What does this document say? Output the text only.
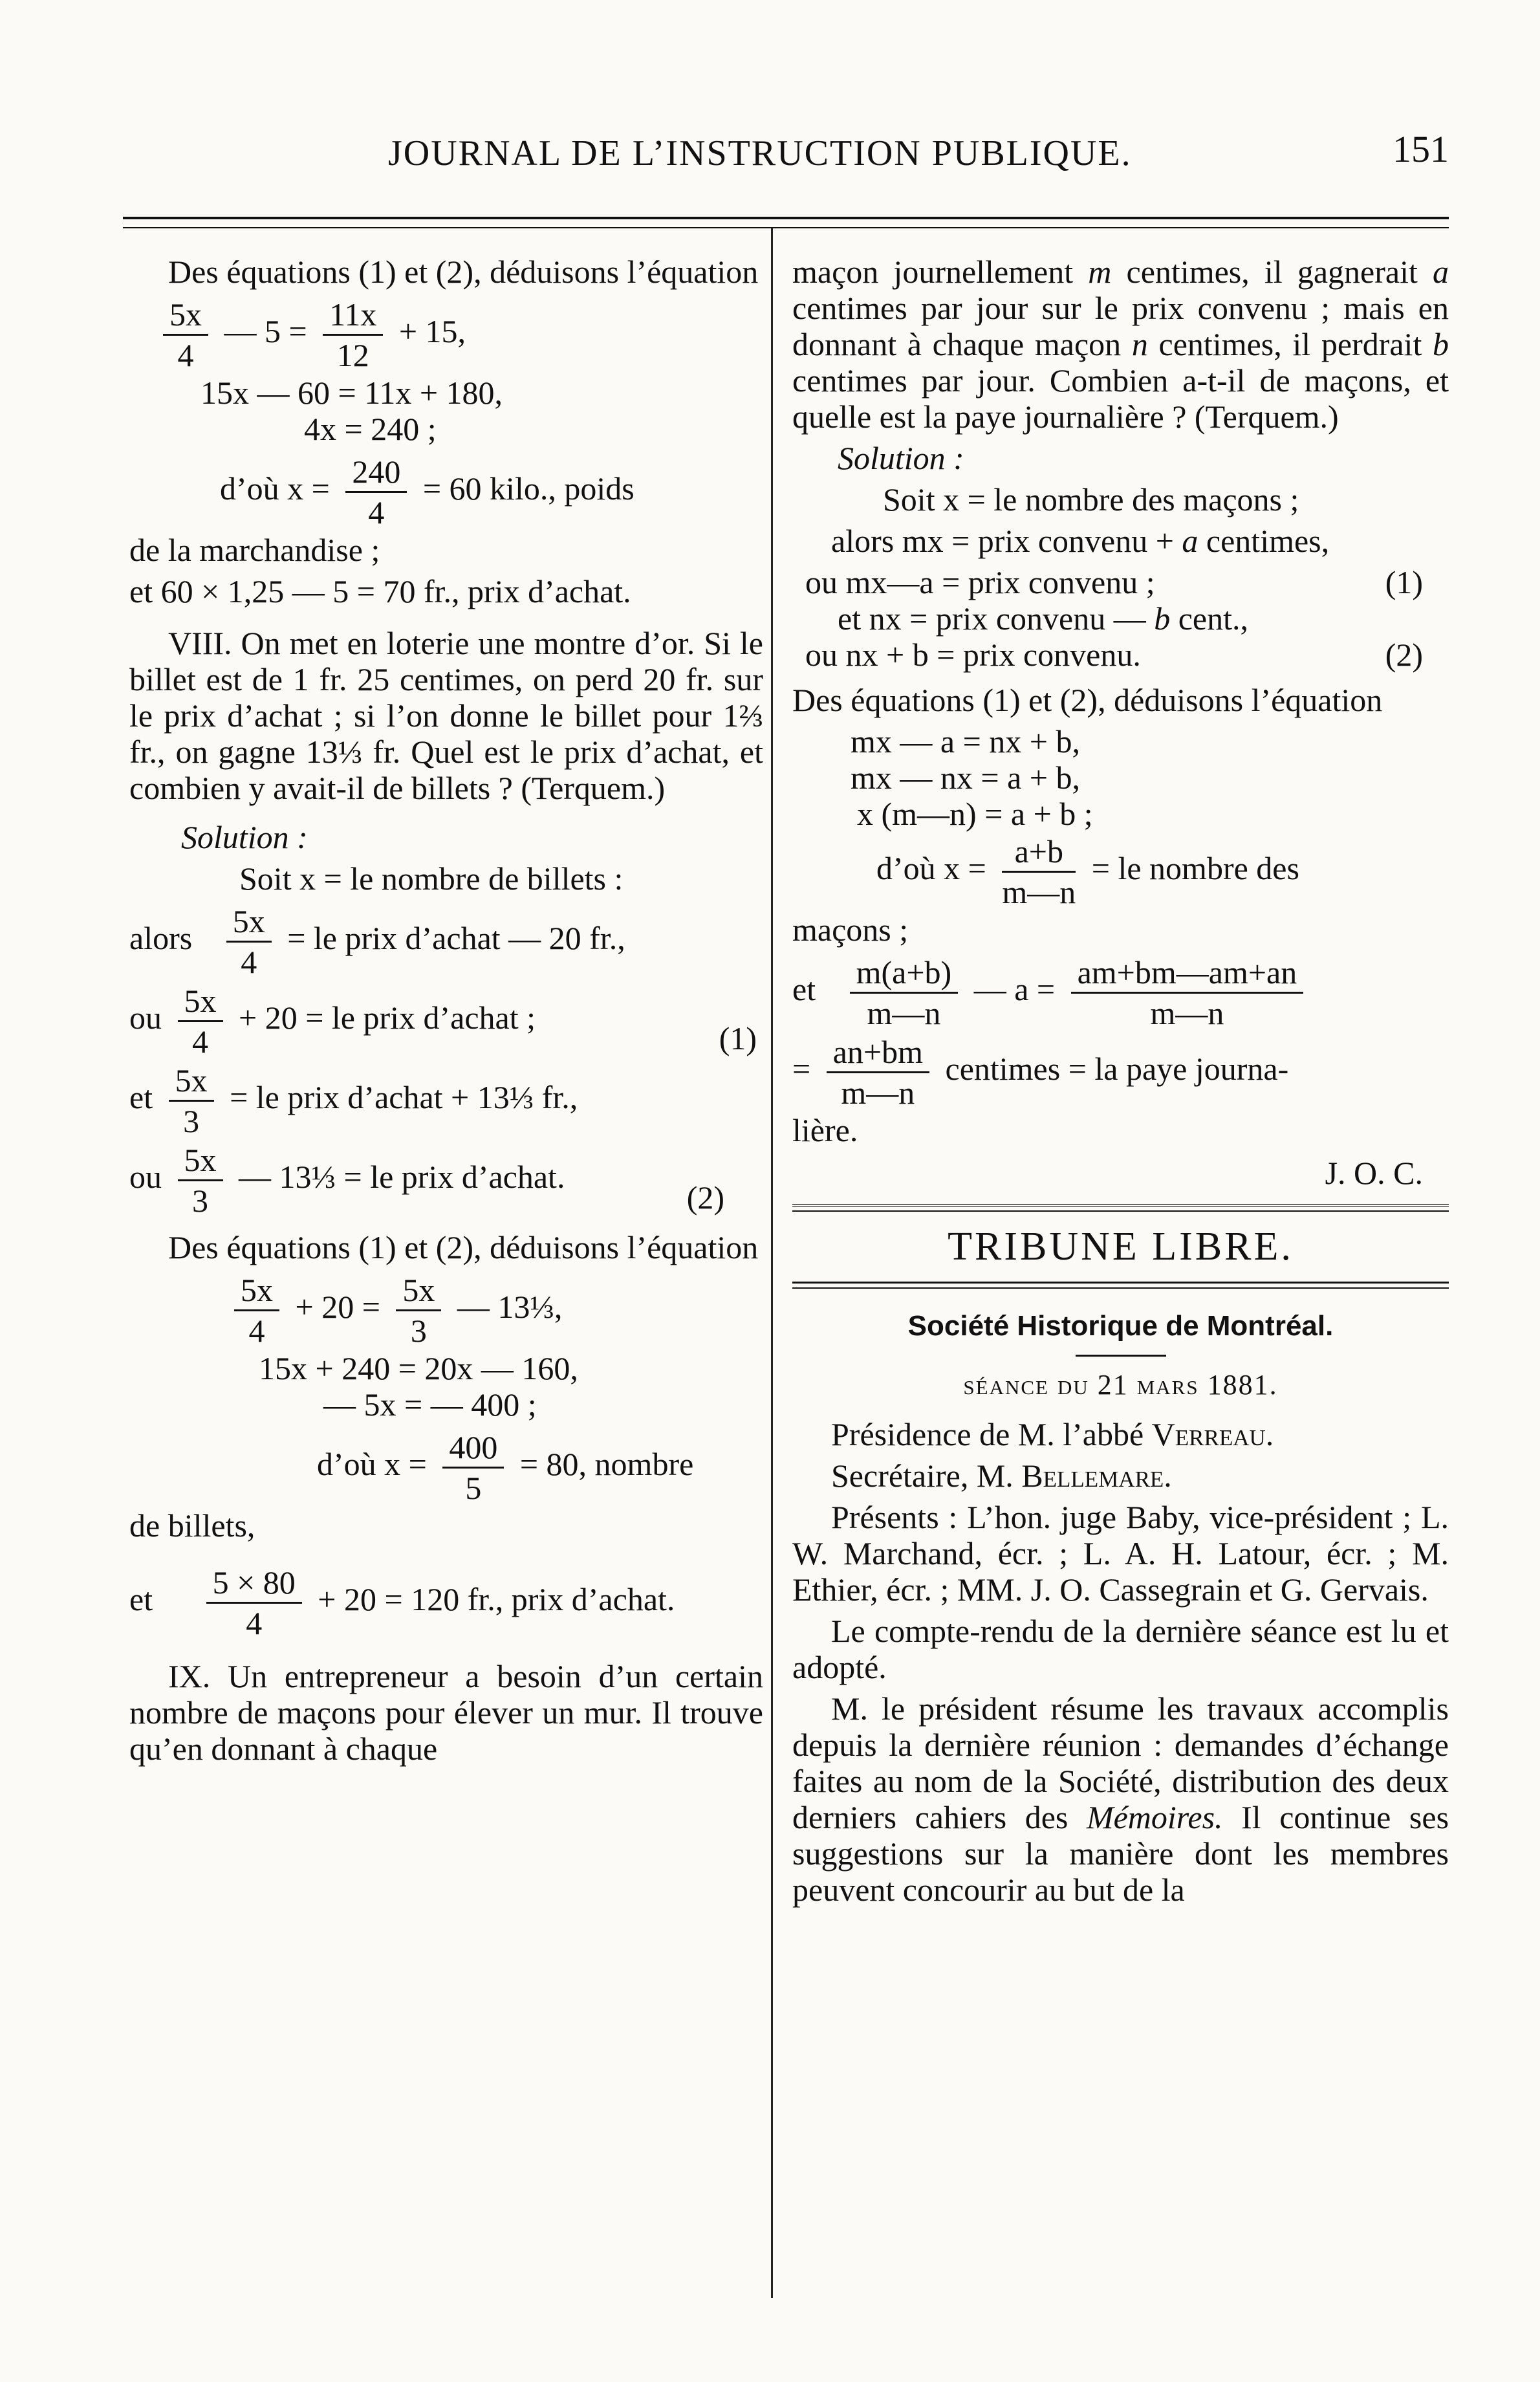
JOURNAL DE L’INSTRUCTION PUBLIQUE.	151

Des équations (1) et (2), déduisons l’équation

$\frac{5x}{4}$ — $5 = \frac{11x}{12} + 15$,
15x — 60 = 11x + 180,
4x = 240 ;
d’où $x = \frac{240}{4} = 60$ kilo., poids

de la marchandise ;

et 60 × 1,25 — 5 = 70 fr., prix d’achat.

VIII. On met en loterie une montre d’or. Si le billet est de 1 fr. 25 centimes, on perd 20 fr. sur le prix d’achat ; si l’on donne le billet pour 1⅔ fr., on gagne 13⅓ fr. Quel est le prix d’achat, et combien y avait-il de billets ? (Terquem.)

Solution :

Soit x = le nombre de billets :

alors $\frac{5x}{4}$ = le prix d’achat — 20 fr.,
ou $\frac{5x}{4} + 20$ = le prix d’achat ;
(1)
et $\frac{5x}{3}$ = le prix d’achat + 13⅓ fr.,
ou $\frac{5x}{3}$ — 13⅓ = le prix d’achat.
(2)

Des équations (1) et (2), déduisons l’équation

$\frac{5x}{4} + 20 = \frac{5x}{3}$ — 13⅓,
15x + 240 = 20x — 160,
— 5x = — 400 ;
d’où $x = \frac{400}{5} = 80$, nombre

de billets,

et $\frac{5 \times 80}{4} + 20 = 120$ fr., prix d’achat.

IX. Un entrepreneur a besoin d’un certain nombre de maçons pour élever un mur. Il trouve qu’en donnant à chaque

maçon journellement m centimes, il gagnerait a centimes par jour sur le prix convenu ; mais en donnant à chaque maçon n centimes, il perdrait b centimes par jour. Combien a-t-il de maçons, et quelle est la paye journalière ? (Terquem.)

Solution :

Soit x = le nombre des maçons ;

alors mx = prix convenu + a centimes,

ou mx—a = prix convenu ;	(1)
et nx = prix convenu — b cent.,
ou nx + b = prix convenu.	(2)

Des équations (1) et (2), déduisons l’équation

mx — a = nx + b,
mx — nx = a + b,
x (m—n) = a + b ;
d’où $x = \frac{a+b}{m—n}$ = le nombre des

maçons ;

et $\frac{m(a+b)}{m—n}$ — $a = \frac{am+bm—am+an}{m—n}$
= $\frac{an+bm}{m—n}$ centimes = la paye journa-

lière.

J. O. C.

TRIBUNE LIBRE.
Société Historique de Montréal.
séance du 21 mars 1881.

Présidence de M. l’abbé Verreau.

Secrétaire, M. Bellemare.

Présents : L’hon. juge Baby, vice-président ; L. W. Marchand, écr. ; L. A. H. Latour, écr. ; M. Ethier, écr. ; MM. J. O. Cassegrain et G. Gervais.

Le compte-rendu de la dernière séance est lu et adopté.

M. le président résume les travaux accomplis depuis la dernière réunion : demandes d’échange faites au nom de la Société, distribution des deux derniers cahiers des Mémoires. Il continue ses suggestions sur la manière dont les membres peuvent concourir au but de la
